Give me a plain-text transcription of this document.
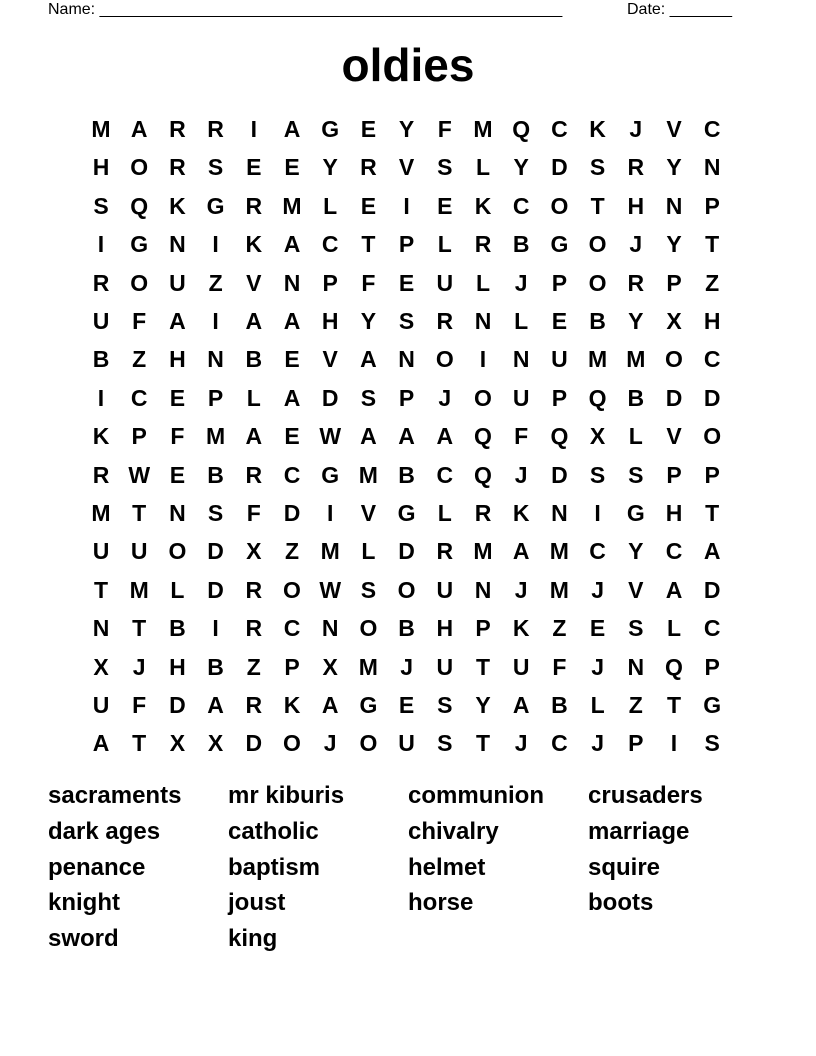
Name: ____________________________________________________	Date: _______
oldies
M A R R	I	A G E Y	F M Q C K	J	V C
H O R S E E Y R V S	L	Y D S R Y N
S Q K G R M L	E	I	E K C O T H N P
I	G N	I	K A C T	P	L R B G O J	Y	T
R O U Z	V N P	F	E U L	J	P O R P	Z
U F A	I	A A H Y S R N L	E B Y X H
B Z H N B E V A N O	I	N U M M O C
I	C E P	L A D S P	J O U P Q B D D
K P	F M A E W A A A Q F Q X	L	V O
R W E B R C G M B C Q J	D S S P P
M T N S	F D	I	V G L R K N	I	G H T
U U O D X	Z M L D R M A M C Y C A
T M L D R O W S O U N	J M J	V A D
N T B	I	R C N O B H P K Z	E S	L C
X	J	H B Z	P X M J	U T U F	J	N Q P
U F D A R K A G E S Y A B L	Z	T G
A T	X X D O J O U S	T	J	C	J	P	I	S
sacraments
dark ages
penance
knight
sword
mr kiburis
catholic
baptism
joust
king
communion
chivalry
helmet
horse
crusaders
marriage
squire
boots
